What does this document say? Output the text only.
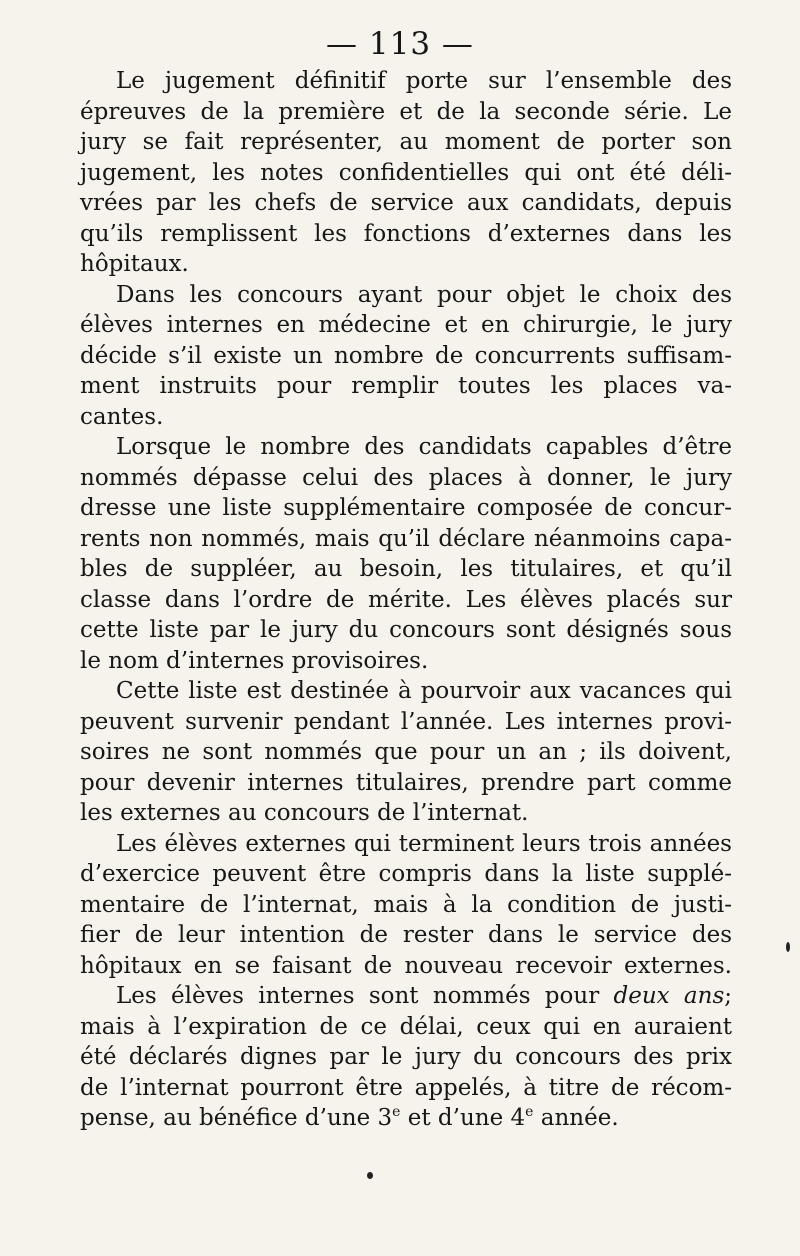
— 113 —
Le jugement définitif porte sur l’ensemble des
épreuves de la première et de la seconde série. Le
jury se fait représenter, au moment de porter son
jugement, les notes confidentielles qui ont été déli-
vrées par les chefs de service aux candidats, depuis
qu’ils remplissent les fonctions d’externes dans les
hôpitaux.
Dans les concours ayant pour objet le choix des
élèves internes en médecine et en chirurgie, le jury
décide s’il existe un nombre de concurrents suffisam-
ment instruits pour remplir toutes les places va-
cantes.
Lorsque le nombre des candidats capables d’être
nommés dépasse celui des places à donner, le jury
dresse une liste supplémentaire composée de concur-
rents non nommés, mais qu’il déclare néanmoins capa-
bles de suppléer, au besoin, les titulaires, et qu’il
classe dans l’ordre de mérite. Les élèves placés sur
cette liste par le jury du concours sont désignés sous
le nom d’internes provisoires.
Cette liste est destinée à pourvoir aux vacances qui
peuvent survenir pendant l’année. Les internes provi-
soires ne sont nommés que pour un an ; ils doivent,
pour devenir internes titulaires, prendre part comme
les externes au concours de l’internat.
Les élèves externes qui terminent leurs trois années
d’exercice peuvent être compris dans la liste supplé-
mentaire de l’internat, mais à la condition de justi-
fier de leur intention de rester dans le service des
hôpitaux en se faisant de nouveau recevoir externes.
Les élèves internes sont nommés pour deux ans;
mais à l’expiration de ce délai, ceux qui en auraient
été déclarés dignes par le jury du concours des prix
de l’internat pourront être appelés, à titre de récom-
pense, au bénéfice d’une 3e et d’une 4e année.
